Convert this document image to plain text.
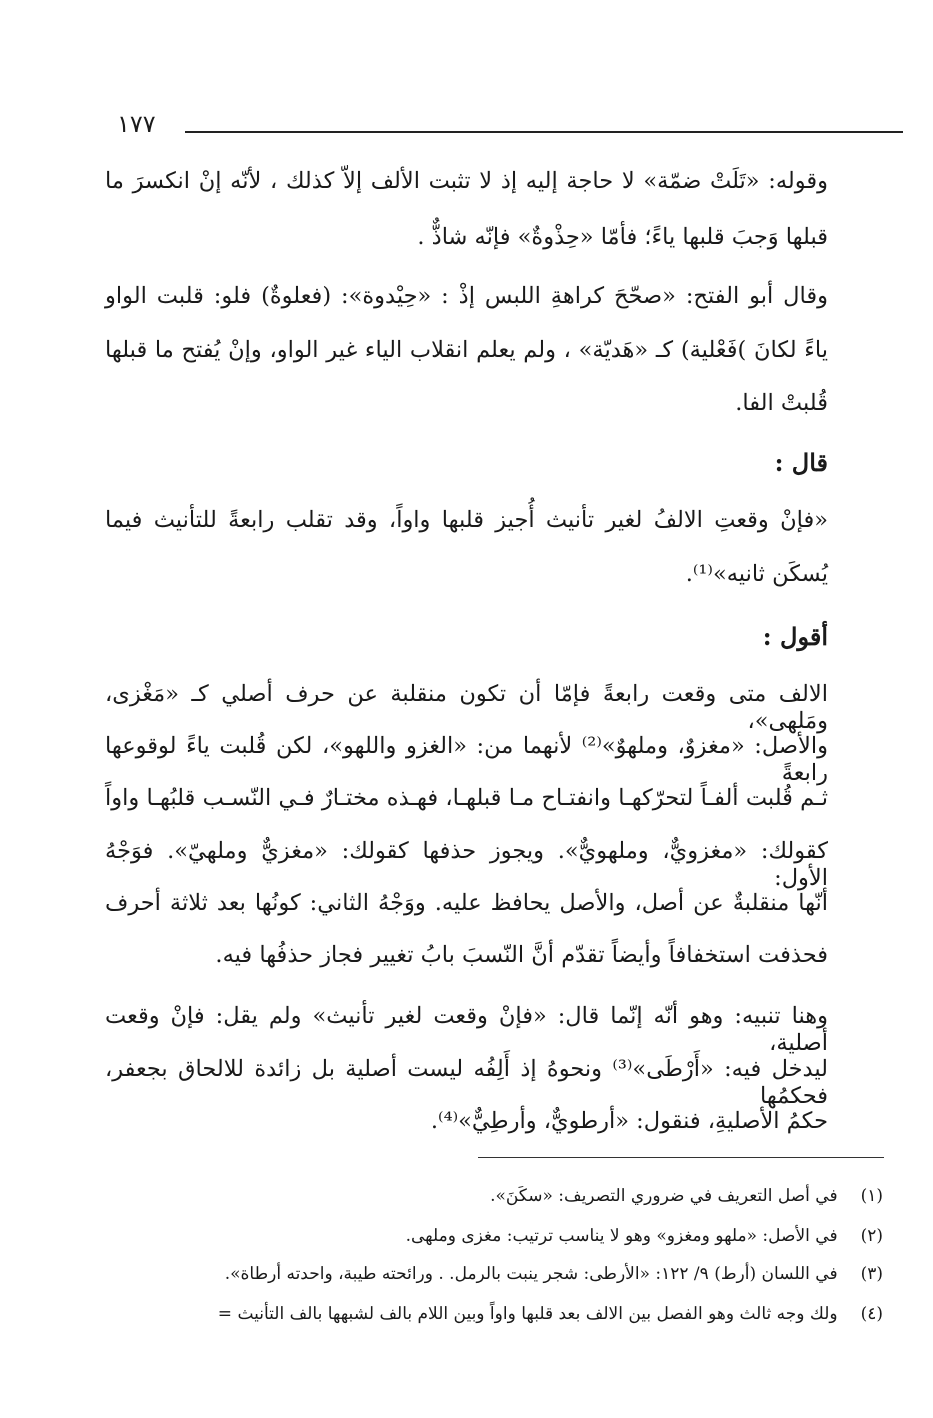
١٧٧
وقوله: «تَلَتْ ضمّة» لا حاجة إليه إذ لا تثبت الألف إلاّ كذلك ، لأنّه إنْ انكسرَ ما
قبلها وَجبَ قلبها ياءً؛ فأمّا «حِذْوةٌ» فإنّه شاذٌّ .
وقال أبو الفتح: «صحّحَ كراهةِ اللبس إذْ : «حِيْدوة»: (فعلوةٌ) فلو: قلبت الواو
ياءً لكانَ )فَعْلية) كـ «هَديّة» ، ولم يعلم انقلاب الياء غير الواو، وإنْ يُفتح ما قبلها
قُلبتْ الفا.
قال :
«فإنْ وقعتِ الالفُ لغير تأنيث أُجيز قلبها واواً، وقد تقلب رابعةً للتأنيث فيما
يُسكَن ثانيه»⁽¹⁾.
أقول :
الالف متى وقعت رابعةً فإمّا أن تكون منقلبة عن حرف أصلي كـ «مَغْزى، ومَلهى»،
والأصل: «مغزوٌ، وملهوٌ»⁽²⁾ لأنهما من: «الغزو واللهو»، لكن قُلبت ياءً لوقوعها رابعةً
ثـم قُلبت ألفـاً لتحرّكهـا وانفتـاح مـا قبلهـا، فهـذه مختـارٌ فـي النّسـب قلبُهـا واواً
كقولك: «مغزويٌّ، وملهويٌّ». ويجوز حذفها كقولك: «مغزيٌّ وملهيّ». فوَجْهُ الأول:
أنّها منقلبةٌ عن أصل، والأصل يحافظ عليه. ووَجْهُ الثاني: كونُها بعد ثلاثة أحرف
فحذفت استخفافاً وأيضاً تقدّم أنَّ النّسبَ بابُ تغيير فجاز حذفُها فيه.
وهنا تنبيه: وهو أنّه إنّما قال: «فإنْ وقعت لغير تأنيث» ولم يقل: فإنْ وقعت أصلية،
ليدخل فيه: «أَرْطَى»⁽³⁾ ونحوهُ إذ أَلِفُه ليست أصلية بل زائدة للالحاق بجعفر، فحكمُها
حكمُ الأصليةِ، فنقول: «أرطويٌّ، وأرطِيٌّ»⁽⁴⁾.
(١) في أصل التعريف في ضروري التصريف: «سكَنَ».
(٢) في الأصل: «ملهو ومغزو» وهو لا يناسب ترتيب: مغزى وملهى.
(٣) في اللسان (أرط) ٩/ ١٢٢: «الأرطى: شجر ينبت بالرمل. . ورائحته طيبة، واحدته أرطاة».
(٤) ولك وجه ثالث وهو الفصل بين الالف بعد قلبها واواً وبين اللام بالف لشبهها بالف التأنيث =
